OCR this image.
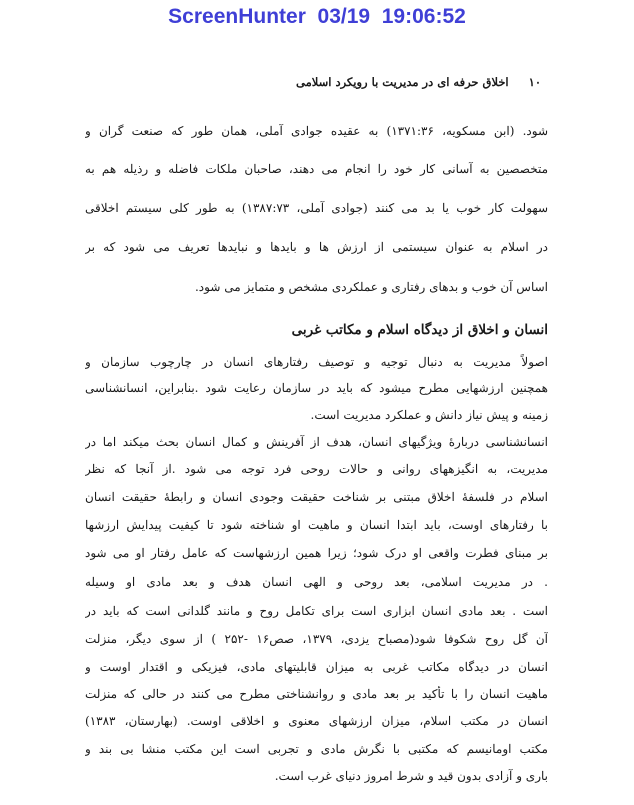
ScreenHunter  03/19  19:06:52
۱۰ اخلاق حرفه ای در مدیریت با رویکرد اسلامی
شود. (ابن مسکویه، ۱۳۷۱:۳۶) به عقیده جوادی آملی، همان طور که صنعت گران و
متخصصین به آسانی کار خود را انجام می دهند، صاحبان ملکات فاضله و رذیله هم به
سهولت کار خوب یا بد می کنند (جوادی آملی، ۱۳۸۷:۷۳) به طور کلی سیستم اخلاقی
در اسلام به عنوان سیستمی از ارزش ها و بایدها و نبایدها تعریف می شود که بر
اساس آن خوب و بدهای رفتاری و عملکردی مشخص و متمایز می شود.
انسان و اخلاق از دیدگاه اسلام و مکاتب غربی
اصولاً مدیریت به دنبال توجیه و توصیف رفتارهای انسان در چارچوب سازمان و
همچنین ارزشهایی مطرح میشود که باید در سازمان رعایت شود .بنابراین، انسانشناسی
زمینه و پیش نیاز دانش و عملکرد مدیریت است.
انسانشناسی دربارهٔ ویژگیهای انسان، هدف از آفرینش و کمال انسان بحث میکند اما در
مدیریت، به انگیزههای روانی و حالات روحی فرد توجه می شود .از آنجا که نظر
اسلام در فلسفهٔ اخلاق مبتنی بر شناخت حقیقت وجودی انسان و رابطهٔ حقیقت انسان
با رفتارهای اوست، باید ابتدا انسان و ماهیت او شناخته شود تا کیفیت پیدایش ارزشها
بر مبنای فطرت واقعی او درک شود؛ زیرا همین ارزشهاست که عامل رفتار او می شود
. در مدیریت اسلامی، بعد روحی و الهی انسان هدف و بعد مادی او وسیله
است . بعد مادی انسان ابزاری است برای تکامل روح و مانند گلدانی است که باید در
آن گل روح شکوفا شود(مصباح یزدی، ۱۳۷۹، صص۱۶ -۲۵۲ ) از سوی دیگر، منزلت
انسان در دیدگاه مکاتب غربی به میزان قابلیتهای مادی، فیزیکی و اقتدار اوست و
ماهیت انسان را با تأکید بر بعد مادی و روانشناختی مطرح می کنند در حالی که منزلت
انسان در مکتب اسلام، میزان ارزشهای معنوی و اخلاقی اوست. (بهارستان، ۱۳۸۳)
مکتب اومانیسم که مکتبی با نگرش مادی و تجربی است این مکتب منشا بی بند و
باری و آزادی بدون قید و شرط امروز دنیای غرب است.
